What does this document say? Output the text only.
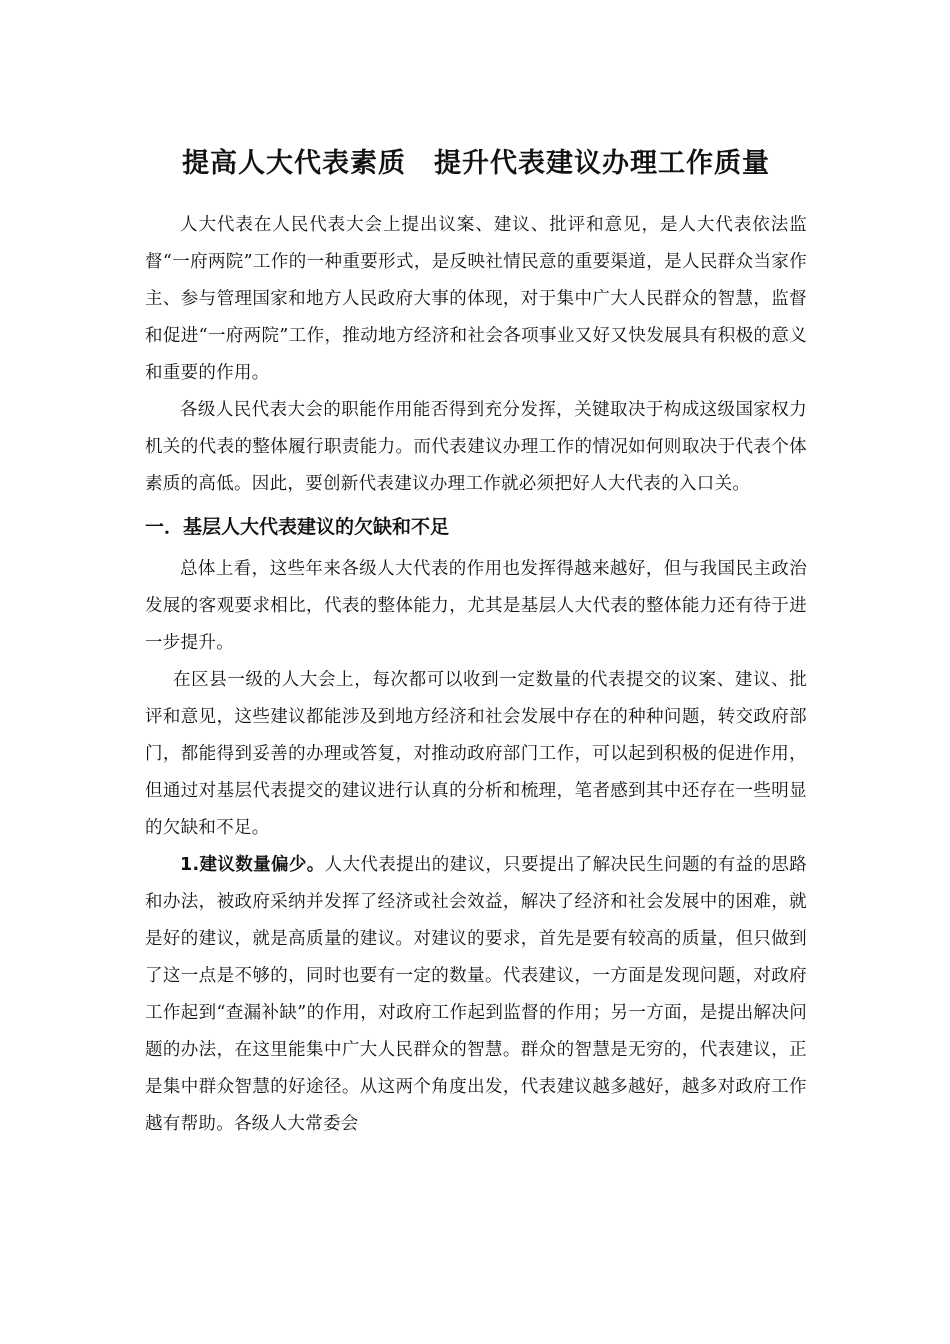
提高人大代表素质　提升代表建议办理工作质量

人大代表在人民代表大会上提出议案、建议、批评和意见，是人大代表依法监督“一府两院”工作的一种重要形式，是反映社情民意的重要渠道，是人民群众当家作主、参与管理国家和地方人民政府大事的体现，对于集中广大人民群众的智慧，监督和促进“一府两院”工作，推动地方经济和社会各项事业又好又快发展具有积极的意义和重要的作用。

各级人民代表大会的职能作用能否得到充分发挥，关键取决于构成这级国家权力机关的代表的整体履行职责能力。而代表建议办理工作的情况如何则取决于代表个体素质的高低。因此，要创新代表建议办理工作就必须把好人大代表的入口关。

一．基层人大代表建议的欠缺和不足

总体上看，这些年来各级人大代表的作用也发挥得越来越好，但与我国民主政治发展的客观要求相比，代表的整体能力，尤其是基层人大代表的整体能力还有待于进一步提升。

在区县一级的人大会上，每次都可以收到一定数量的代表提交的议案、建议、批评和意见，这些建议都能涉及到地方经济和社会发展中存在的种种问题，转交政府部门，都能得到妥善的办理或答复，对推动政府部门工作，可以起到积极的促进作用，但通过对基层代表提交的建议进行认真的分析和梳理，笔者感到其中还存在一些明显的欠缺和不足。

1.建议数量偏少。人大代表提出的建议，只要提出了解决民生问题的有益的思路和办法，被政府采纳并发挥了经济或社会效益，解决了经济和社会发展中的困难，就是好的建议，就是高质量的建议。对建议的要求，首先是要有较高的质量，但只做到了这一点是不够的，同时也要有一定的数量。代表建议，一方面是发现问题，对政府工作起到“查漏补缺”的作用，对政府工作起到监督的作用；另一方面，是提出解决问题的办法，在这里能集中广大人民群众的智慧。群众的智慧是无穷的，代表建议，正是集中群众智慧的好途径。从这两个角度出发，代表建议越多越好，越多对政府工作越有帮助。各级人大常委会
